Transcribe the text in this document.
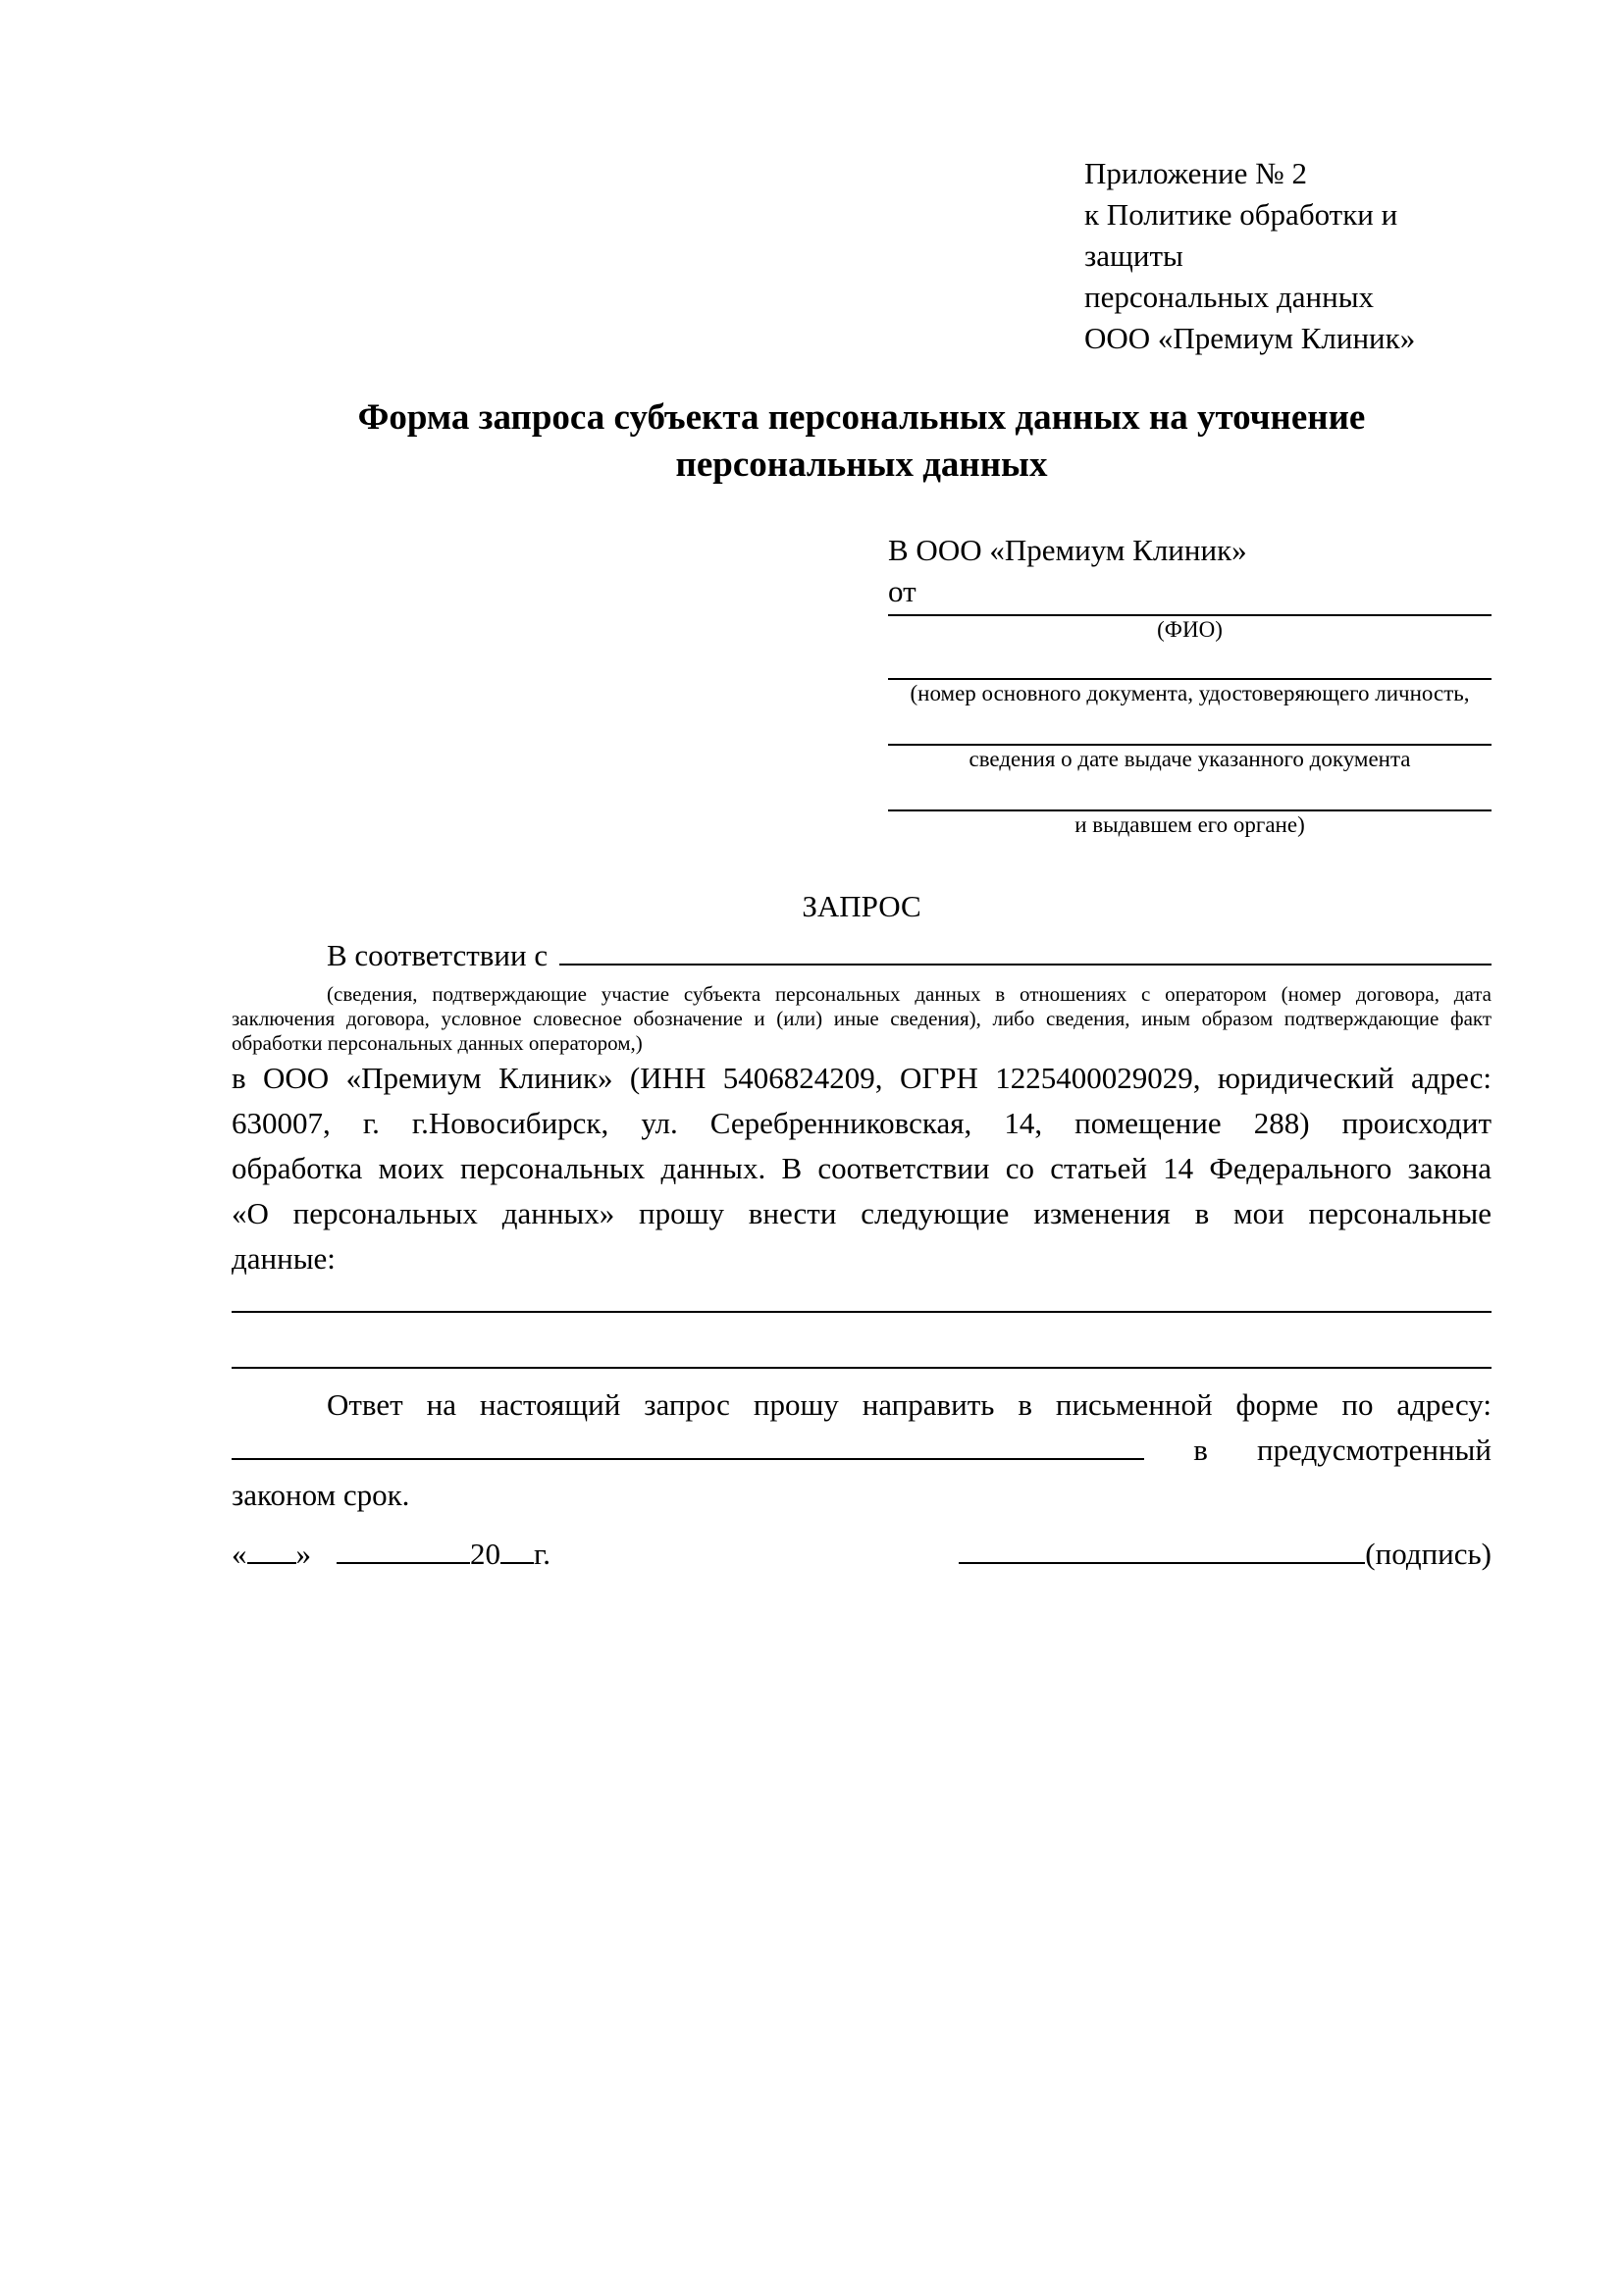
Приложение № 2
к Политике обработки и защиты
персональных данных
ООО «Премиум Клиник»
Форма запроса субъекта персональных данных на уточнение
персональных данных
В ООО «Премиум Клиник»
от
(ФИО)
(номер основного документа, удостоверяющего личность,
сведения о дате выдаче указанного документа
и выдавшем его органе)
ЗАПРОС
В соответствии с
(сведения, подтверждающие участие субъекта персональных данных в отношениях с оператором (номер договора, дата
заключения договора, условное словесное обозначение и (или) иные сведения), либо сведения, иным образом подтверждающие факт
обработки персональных данных оператором,)
в ООО «Премиум Клиник» (ИНН 5406824209, ОГРН 1225400029029, юридический адрес:
630007, г. г.Новосибирск, ул. Серебренниковская, 14, помещение 288) происходит
обработка моих персональных данных. В соответствии со статьей 14 Федерального закона
«О персональных данных» прошу внести следующие изменения в мои персональные
данные:
Ответ на настоящий запрос прошу направить в письменной форме по адресу:
в предусмотренный
законом срок.
« »	20 г.	(подпись)
